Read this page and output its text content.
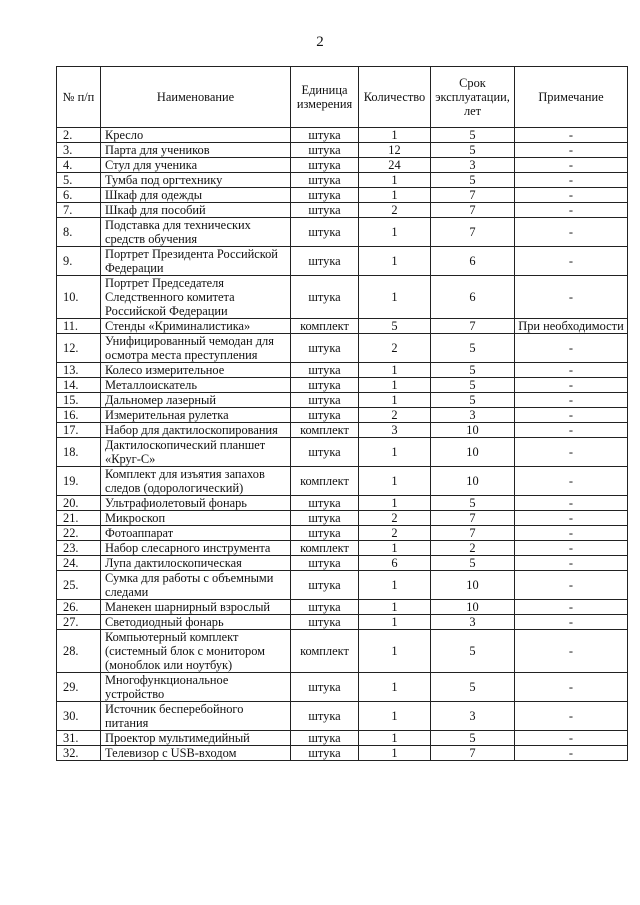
2
№ п/п	Наименование	Единица измерения	Количество	Срок эксплуатации, лет	Примечание
2.	Кресло	штука	1	5	-
3.	Парта для учеников	штука	12	5	-
4.	Стул для ученика	штука	24	3	-
5.	Тумба под оргтехнику	штука	1	5	-
6.	Шкаф для одежды	штука	1	7	-
7.	Шкаф для пособий	штука	2	7	-
8.	Подставка для технических средств обучения	штука	1	7	-
9.	Портрет Президента Российской Федерации	штука	1	6	-
10.	Портрет Председателя Следственного комитета Российской Федерации	штука	1	6	-
11.	Стенды «Криминалистика»	комплект	5	7	При необходимости
12.	Унифицированный чемодан для осмотра места преступления	штука	2	5	-
13.	Колесо измерительное	штука	1	5	-
14.	Металлоискатель	штука	1	5	-
15.	Дальномер лазерный	штука	1	5	-
16.	Измерительная рулетка	штука	2	3	-
17.	Набор для дактилоскопирования	комплект	3	10	-
18.	Дактилоскопический планшет «Круг-С»	штука	1	10	-
19.	Комплект для изъятия запахов следов (одорологический)	комплект	1	10	-
20.	Ультрафиолетовый фонарь	штука	1	5	-
21.	Микроскоп	штука	2	7	-
22.	Фотоаппарат	штука	2	7	-
23.	Набор слесарного инструмента	комплект	1	2	-
24.	Лупа дактилоскопическая	штука	6	5	-
25.	Сумка для работы с объемными следами	штука	1	10	-
26.	Манекен шарнирный взрослый	штука	1	10	-
27.	Светодиодный фонарь	штука	1	3	-
28.	Компьютерный комплект (системный блок с монитором (моноблок или ноутбук)	комплект	1	5	-
29.	Многофункциональное устройство	штука	1	5	-
30.	Источник бесперебойного питания	штука	1	3	-
31.	Проектор мультимедийный	штука	1	5	-
32.	Телевизор с USB-входом	штука	1	7	-
